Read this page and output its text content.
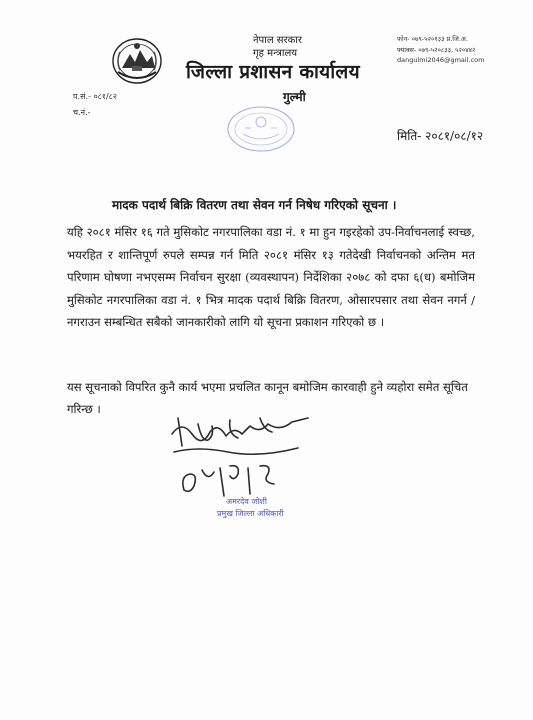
नेपाल सरकार
गृह मन्त्रालय
जिल्ला प्रशासन कार्यालय
गुल्मी
फोन- ०७९-५२०१३३ प्र.जि.अ.
फ्याक्स- ०७९-५२०८३३, ५२०४४२
dangulmi2046@gmail.com
प.सं.- ०८१/८२
च.नं.-
मिति- २०८१/०८/१२
मादक पदार्थ बिक्रि वितरण तथा सेवन गर्न निषेध गरिएको सूचना ।
यहि २०८१ मंसिर १६ गते मुसिकोट नगरपालिका वडा नं. १ मा हुन गइरहेको उप-निर्वाचनलाई स्वच्छ, भयरहित र शान्तिपूर्ण रुपले सम्पन्न गर्न मिति २०८१ मंसिर १३ गतेदेखी निर्वाचनको अन्तिम मत परिणाम घोषणा नभएसम्म निर्वाचन सुरक्षा (व्यवस्थापन) निर्देशिका २०७८ को दफा ६(ध) बमोजिम मुसिकोट नगरपालिका वडा नं. १ भित्र मादक पदार्थ बिक्रि वितरण, ओसारपसार तथा सेवन नगर्न / नगराउन सम्बन्धित सबैको जानकारीको लागि यो सूचना प्रकाशन गरिएको छ ।
यस सूचनाको विपरित कुनै कार्य भएमा प्रचलित कानून बमोजिम कारवाही हुने व्यहोरा समेत सूचित गरिन्छ ।
अमरदेव जोशी
प्रमुख जिल्ला अधिकारी
